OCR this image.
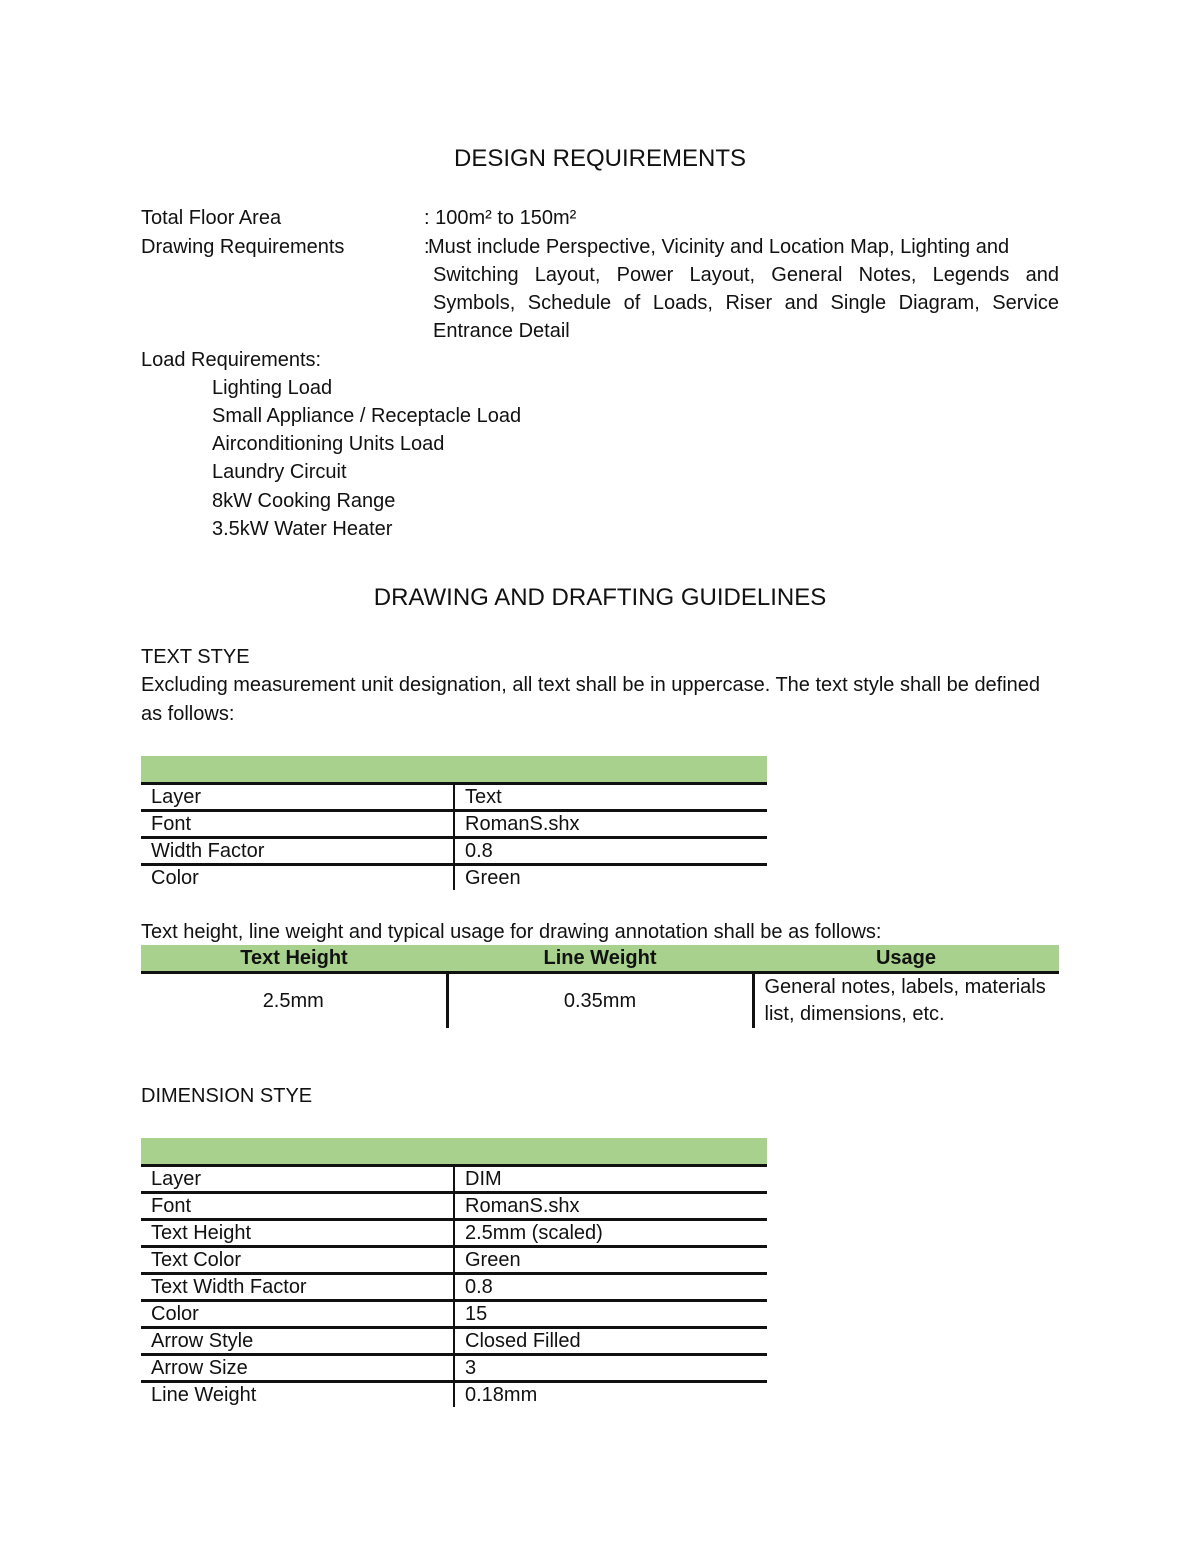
DESIGN REQUIREMENTS
Total Floor Area	: 100m² to 150m²
Drawing Requirements	:
Must include Perspective, Vicinity and Location Map, Lighting and
Switching Layout, Power Layout, General Notes, Legends and Symbols, Schedule of Loads, Riser and Single Diagram, Service Entrance Detail
Load Requirements:
Lighting Load
Small Appliance / Receptacle Load
Airconditioning Units Load
Laundry Circuit
8kW Cooking Range
3.5kW Water Heater
DRAWING AND DRAFTING GUIDELINES
TEXT STYE
Excluding measurement unit designation, all text shall be in uppercase. The text style shall be defined as follows:

Layer	Text
Font	RomanS.shx
Width Factor	0.8
Color	Green
Text height, line weight and typical usage for drawing annotation shall be as follows:
Text Height	Line Weight	Usage
2.5mm	0.35mm	General notes, labels, materials list, dimensions, etc.
DIMENSION STYE

Layer	DIM
Font	RomanS.shx
Text Height	2.5mm (scaled)
Text Color	Green
Text Width Factor	0.8
Color	15
Arrow Style	Closed Filled
Arrow Size	3
Line Weight	0.18mm
